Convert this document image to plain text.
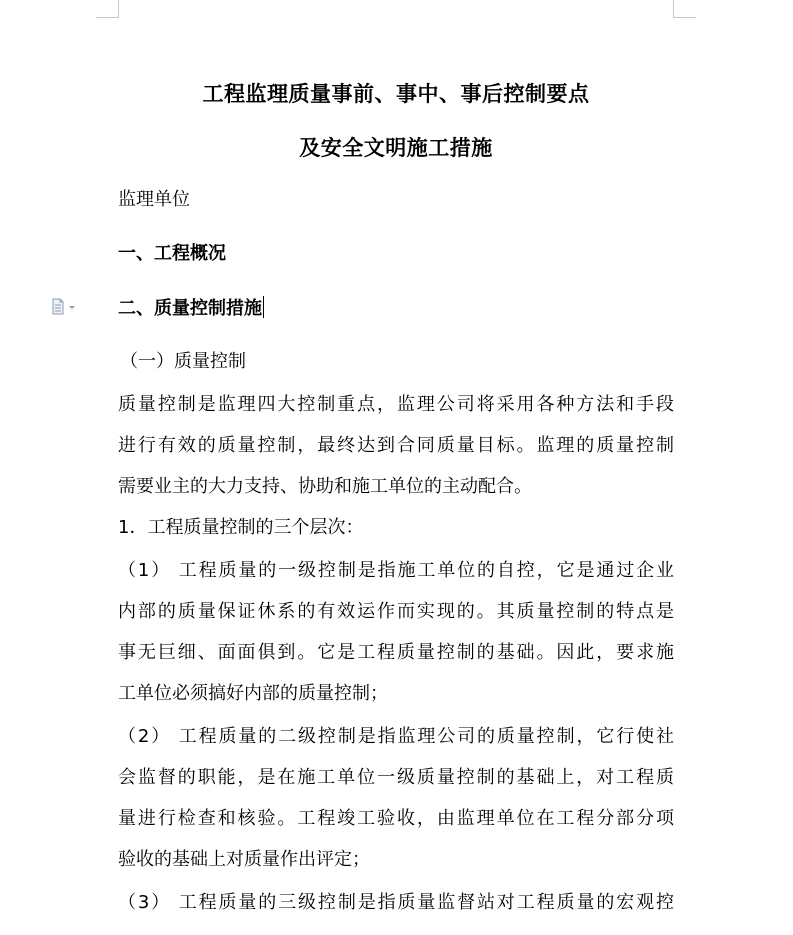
工程监理质量事前、事中、事后控制要点
及安全文明施工措施
监理单位
一、工程概况
二、质量控制措施
（一）质量控制
质量控制是监理四大控制重点，监理公司将采用各种方法和手段
进行有效的质量控制，最终达到合同质量目标。监理的质量控制
需要业主的大力支持、协助和施工单位的主动配合。
1．工程质量控制的三个层次：
（1） 工程质量的一级控制是指施工单位的自控，它是通过企业
内部的质量保证休系的有效运作而实现的。其质量控制的特点是
事无巨细、面面俱到。它是工程质量控制的基础。因此，要求施
工单位必须搞好内部的质量控制；
（2） 工程质量的二级控制是指监理公司的质量控制，它行使社
会监督的职能，是在施工单位一级质量控制的基础上，对工程质
量进行检查和核验。工程竣工验收，由监理单位在工程分部分项
验收的基础上对质量作出评定；
（3） 工程质量的三级控制是指质量监督站对工程质量的宏观控
